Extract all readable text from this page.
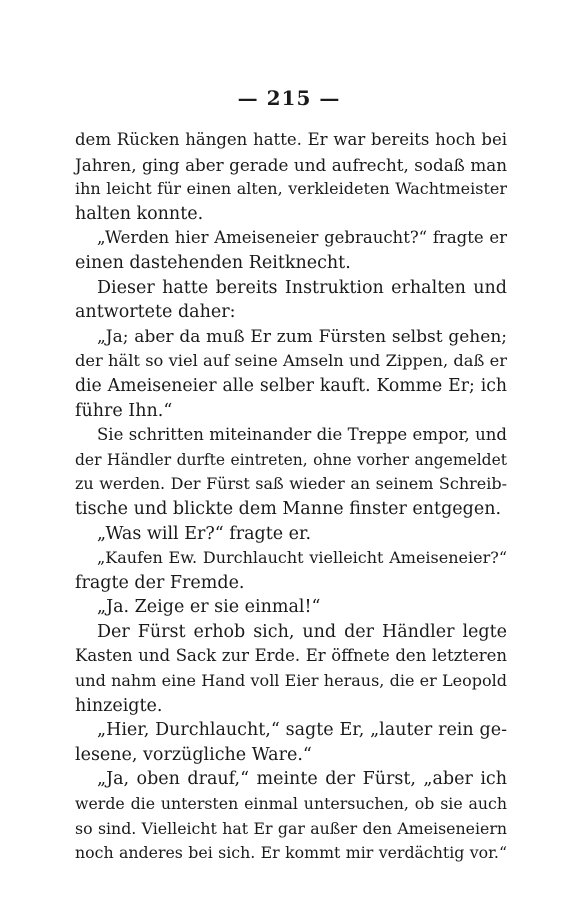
— 215 —
dem Rücken hängen hatte. Er war bereits hoch bei
Jahren, ging aber gerade und aufrecht, sodaß man
ihn leicht für einen alten, verkleideten Wachtmeister
halten konnte.
„Werden hier Ameiseneier gebraucht?“ fragte er
einen dastehenden Reitknecht.
Dieser hatte bereits Instruktion erhalten und
antwortete daher:
„Ja; aber da muß Er zum Fürsten selbst gehen;
der hält so viel auf seine Amseln und Zippen, daß er
die Ameiseneier alle selber kauft. Komme Er; ich
führe Ihn.“
Sie schritten miteinander die Treppe empor, und
der Händler durfte eintreten, ohne vorher angemeldet
zu werden. Der Fürst saß wieder an seinem Schreib-
tische und blickte dem Manne finster entgegen.
„Was will Er?“ fragte er.
„Kaufen Ew. Durchlaucht vielleicht Ameiseneier?“
fragte der Fremde.
„Ja. Zeige er sie einmal!“
Der Fürst erhob sich, und der Händler legte
Kasten und Sack zur Erde. Er öffnete den letzteren
und nahm eine Hand voll Eier heraus, die er Leopold
hinzeigte.
„Hier, Durchlaucht,“ sagte Er, „lauter rein ge-
lesene, vorzügliche Ware.“
„Ja, oben drauf,“ meinte der Fürst, „aber ich
werde die untersten einmal untersuchen, ob sie auch
so sind. Vielleicht hat Er gar außer den Ameiseneiern
noch anderes bei sich. Er kommt mir verdächtig vor.“
